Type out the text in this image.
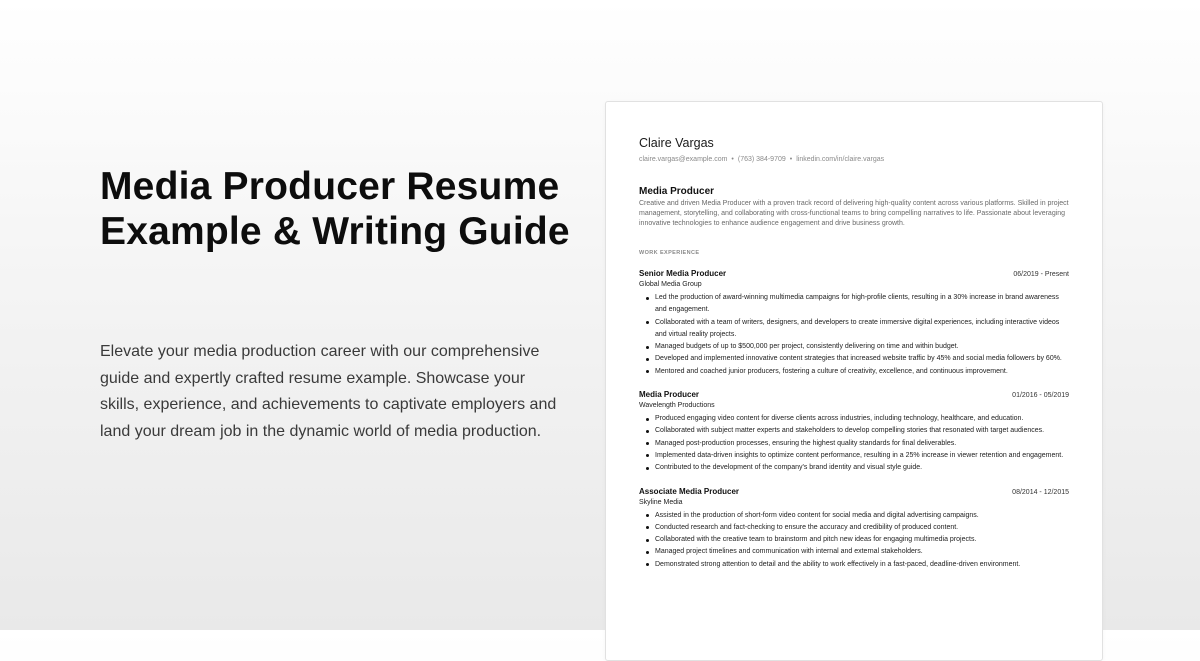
Media Producer Resume Example & Writing Guide

Elevate your media production career with our comprehensive guide and expertly crafted resume example. Showcase your skills, experience, and achievements to captivate employers and land your dream job in the dynamic world of media production.

Claire Vargas
claire.vargas@example.com • (763) 384-9709 • linkedin.com/in/claire.vargas
Media Producer
Creative and driven Media Producer with a proven track record of delivering high-quality content across various platforms. Skilled in project management, storytelling, and collaborating with cross-functional teams to bring compelling narratives to life. Passionate about leveraging innovative technologies to enhance audience engagement and drive business growth.
WORK EXPERIENCE
Senior Media Producer	06/2019 - Present
Global Media Group
Led the production of award-winning multimedia campaigns for high-profile clients, resulting in a 30% increase in brand awareness and engagement.
Collaborated with a team of writers, designers, and developers to create immersive digital experiences, including interactive videos and virtual reality projects.
Managed budgets of up to $500,000 per project, consistently delivering on time and within budget.
Developed and implemented innovative content strategies that increased website traffic by 45% and social media followers by 60%.
Mentored and coached junior producers, fostering a culture of creativity, excellence, and continuous improvement.
Media Producer	01/2016 - 05/2019
Wavelength Productions
Produced engaging video content for diverse clients across industries, including technology, healthcare, and education.
Collaborated with subject matter experts and stakeholders to develop compelling stories that resonated with target audiences.
Managed post-production processes, ensuring the highest quality standards for final deliverables.
Implemented data-driven insights to optimize content performance, resulting in a 25% increase in viewer retention and engagement.
Contributed to the development of the company's brand identity and visual style guide.
Associate Media Producer	08/2014 - 12/2015
Skyline Media
Assisted in the production of short-form video content for social media and digital advertising campaigns.
Conducted research and fact-checking to ensure the accuracy and credibility of produced content.
Collaborated with the creative team to brainstorm and pitch new ideas for engaging multimedia projects.
Managed project timelines and communication with internal and external stakeholders.
Demonstrated strong attention to detail and the ability to work effectively in a fast-paced, deadline-driven environment.
